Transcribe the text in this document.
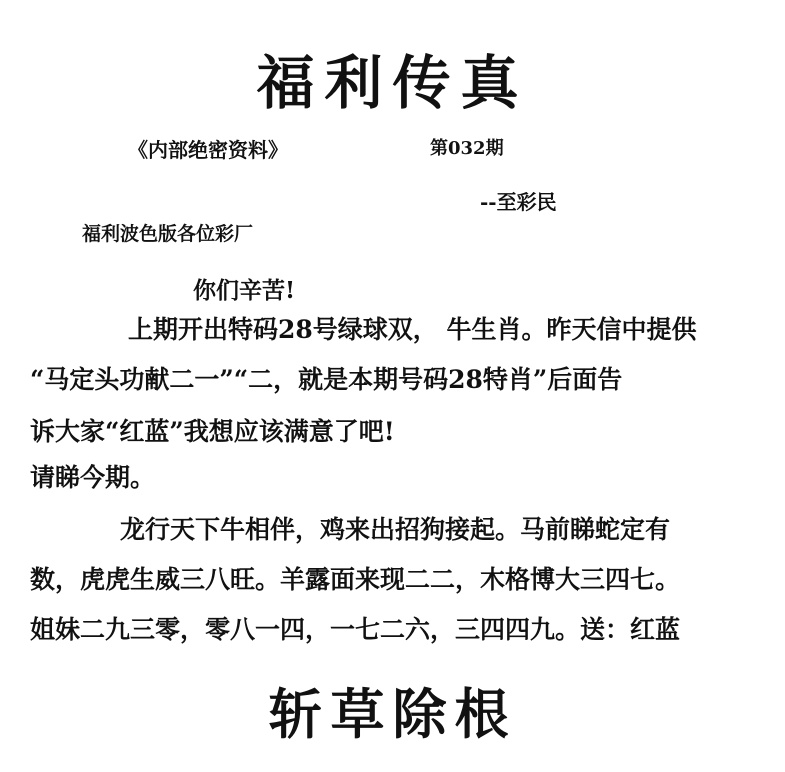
福利传真
《内部绝密资料》	第032期
--至彩民
福利波色版各位彩厂
你们辛苦!
上期开出特码28号绿球双， 牛生肖。昨天信中提供
“马定头功献二一”“二，就是本期号码28特肖”后面告
诉大家“红蓝”我想应该满意了吧!
请睇今期。
龙行天下牛相伴，鸡来出招狗接起。马前睇蛇定有
数，虎虎生威三八旺。羊露面来现二二，木格博大三四七。
姐妹二九三零，零八一四，一七二六，三四四九。送：红蓝
斩草除根
